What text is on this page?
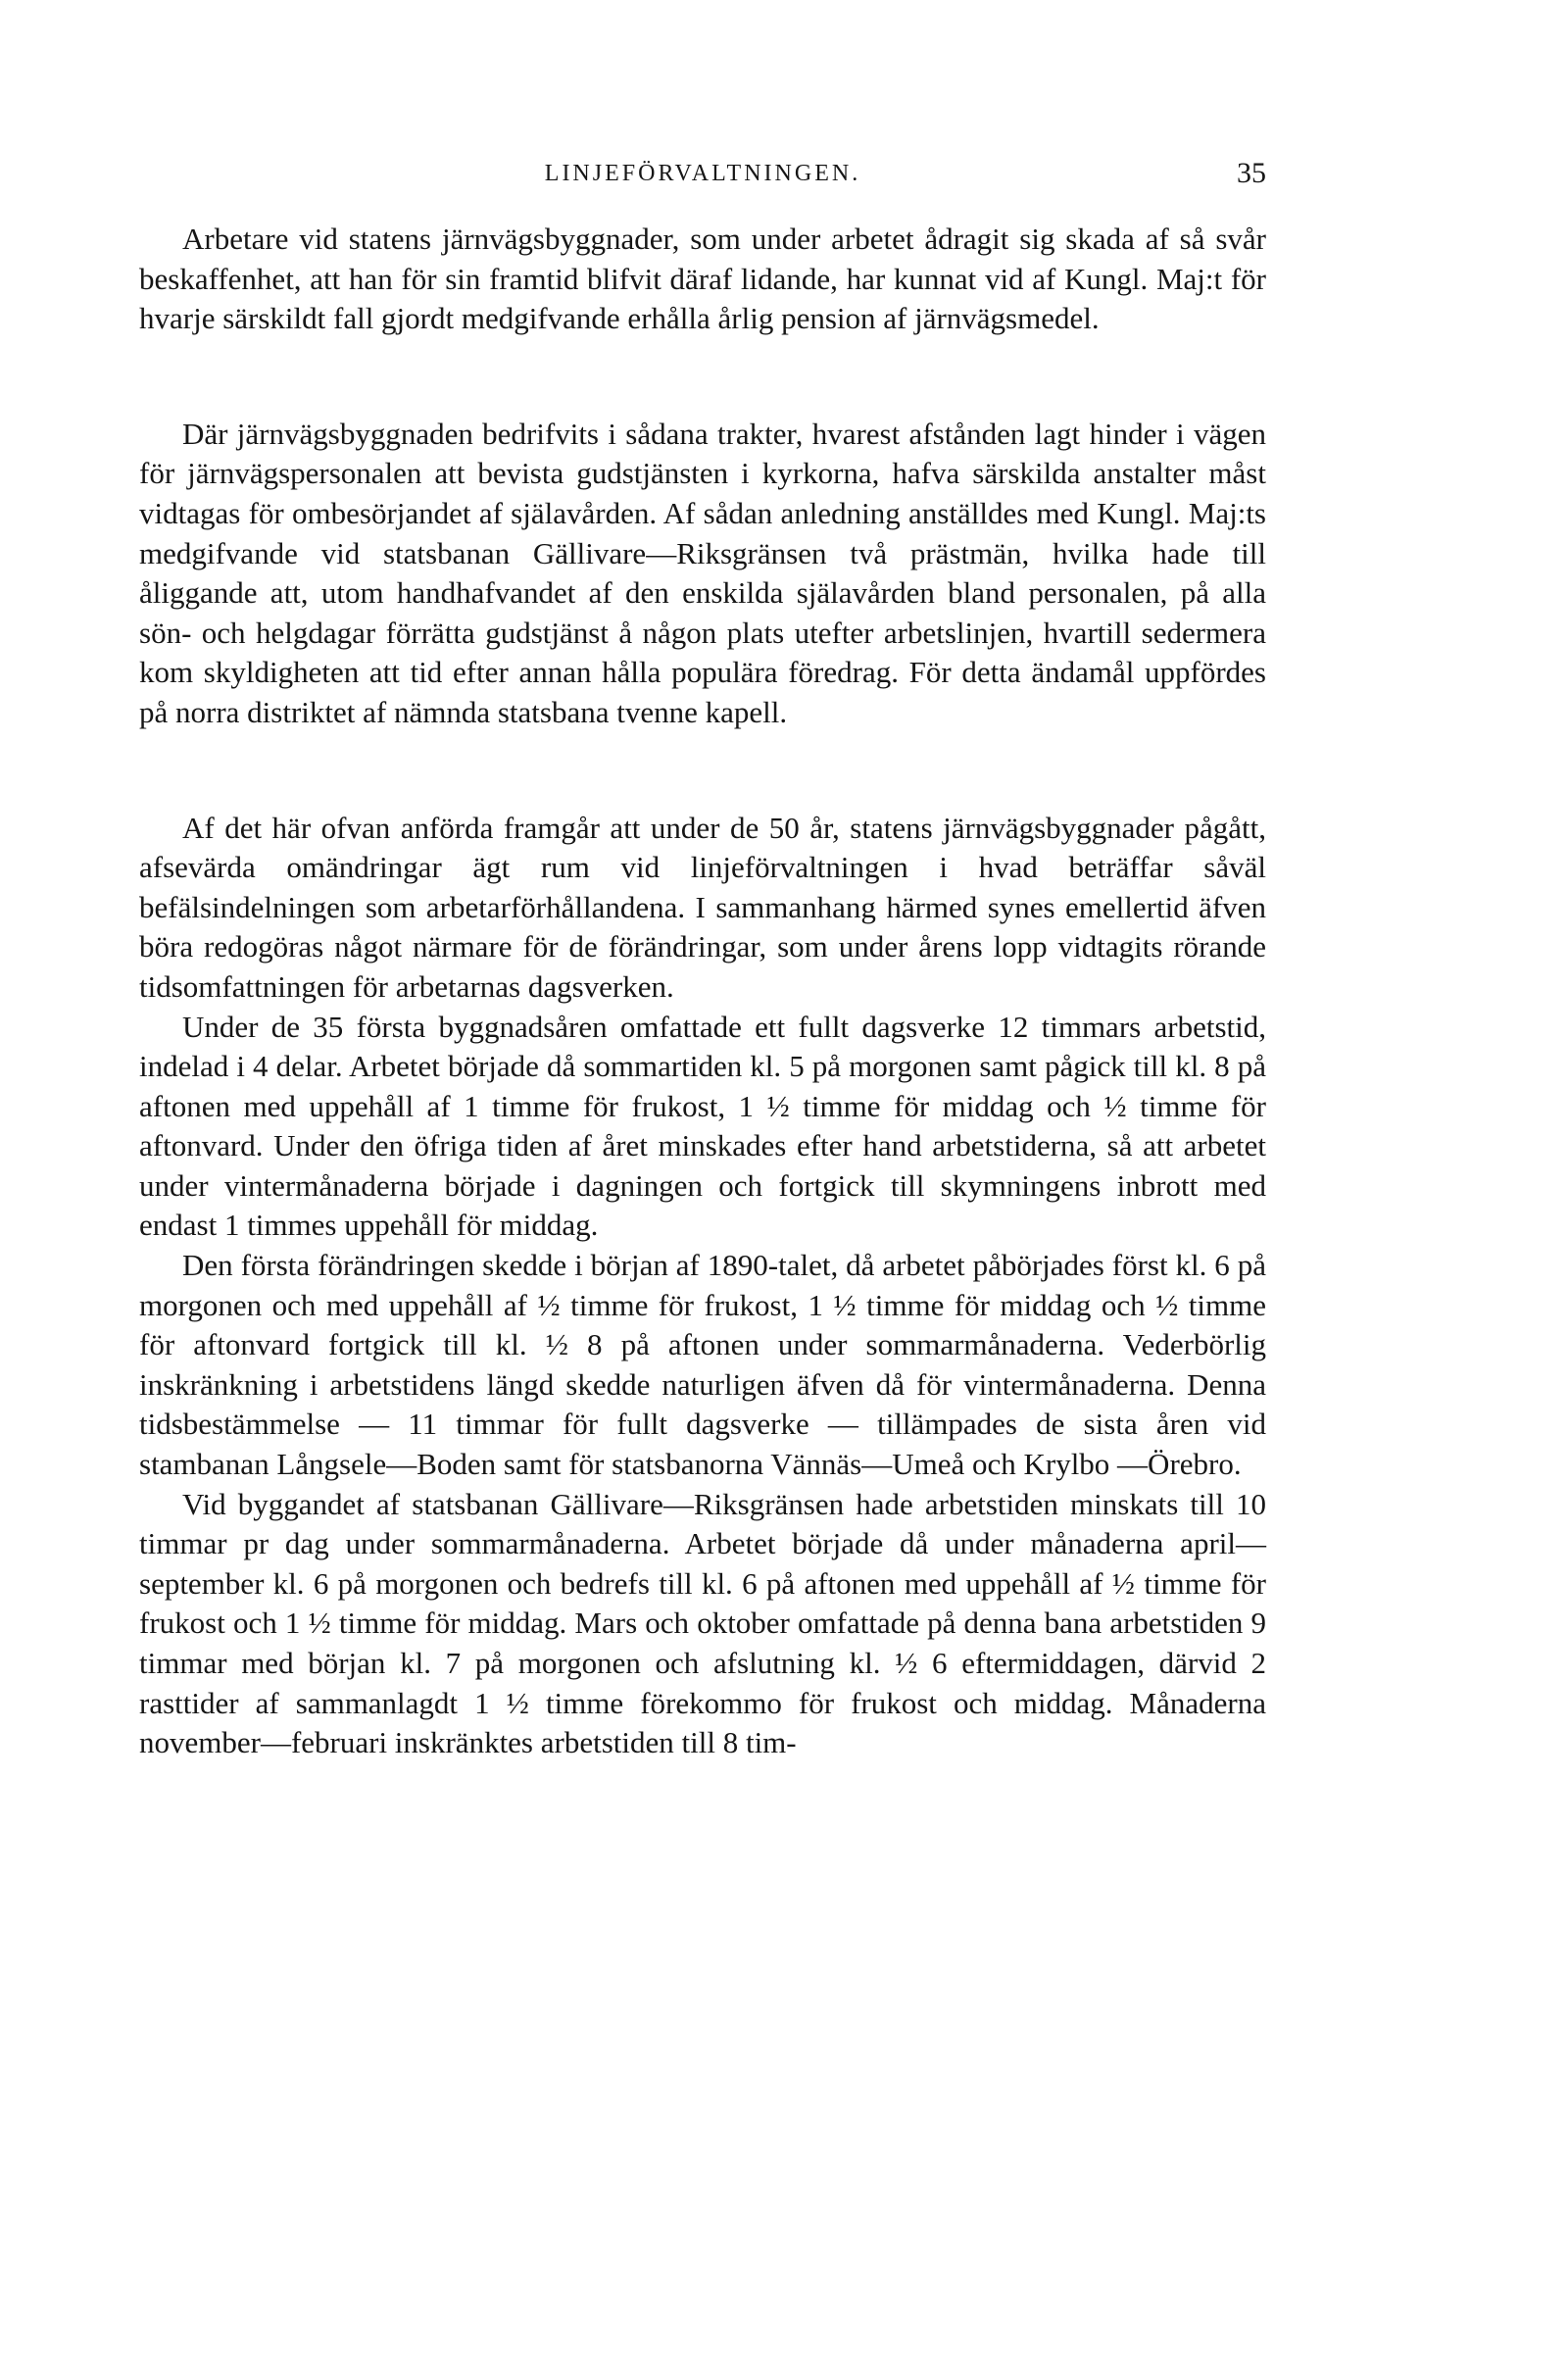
LINJEFÖRVALTNINGEN.	35

Arbetare vid statens järnvägsbyggnader, som under arbetet ådragit sig skada af så svår beskaffenhet, att han för sin framtid blifvit däraf lidande, har kunnat vid af Kungl. Maj:t för hvarje särskildt fall gjordt medgifvande erhålla årlig pension af järnvägsmedel.

Där järnvägsbyggnaden bedrifvits i sådana trakter, hvarest afstånden lagt hinder i vägen för järnvägspersonalen att bevista gudstjänsten i kyrkorna, hafva särskilda anstalter måst vidtagas för ombesörjandet af själavården. Af sådan anledning anställdes med Kungl. Maj:ts medgifvande vid statsbanan Gällivare—Riksgränsen två prästmän, hvilka hade till åliggande att, utom handhafvandet af den enskilda själavården bland personalen, på alla sön- och helgdagar förrätta gudstjänst å någon plats utefter arbetslinjen, hvartill sedermera kom skyldigheten att tid efter annan hålla populära föredrag. För detta ändamål uppfördes på norra distriktet af nämnda statsbana tvenne kapell.

Af det här ofvan anförda framgår att under de 50 år, statens järnvägsbyggnader pågått, afsevärda omändringar ägt rum vid linjeförvaltningen i hvad beträffar såväl befälsindelningen som arbetarförhållandena. I sammanhang härmed synes emellertid äfven böra redogöras något närmare för de förändringar, som under årens lopp vidtagits rörande tidsomfattningen för arbetarnas dagsverken.

Under de 35 första byggnadsåren omfattade ett fullt dagsverke 12 timmars arbetstid, indelad i 4 delar. Arbetet började då sommartiden kl. 5 på morgonen samt pågick till kl. 8 på aftonen med uppehåll af 1 timme för frukost, 1 ½ timme för middag och ½ timme för aftonvard. Under den öfriga tiden af året minskades efter hand arbetstiderna, så att arbetet under vintermånaderna började i dagningen och fortgick till skymningens inbrott med endast 1 timmes uppehåll för middag.

Den första förändringen skedde i början af 1890-talet, då arbetet påbörjades först kl. 6 på morgonen och med uppehåll af ½ timme för frukost, 1 ½ timme för middag och ½ timme för aftonvard fortgick till kl. ½ 8 på aftonen under sommarmånaderna. Vederbörlig inskränkning i arbetstidens längd skedde naturligen äfven då för vintermånaderna. Denna tidsbestämmelse — 11 timmar för fullt dagsverke — tillämpades de sista åren vid stambanan Långsele—Boden samt för statsbanorna Vännäs—Umeå och Krylbo —Örebro.

Vid byggandet af statsbanan Gällivare—Riksgränsen hade arbetstiden minskats till 10 timmar pr dag under sommarmånaderna. Arbetet började då under månaderna april—september kl. 6 på morgonen och bedrefs till kl. 6 på aftonen med uppehåll af ½ timme för frukost och 1 ½ timme för middag. Mars och oktober omfattade på denna bana arbetstiden 9 timmar med början kl. 7 på morgonen och afslutning kl. ½ 6 eftermiddagen, därvid 2 rasttider af sammanlagdt 1 ½ timme förekommo för frukost och middag. Månaderna november—februari inskränktes arbetstiden till 8 tim-
